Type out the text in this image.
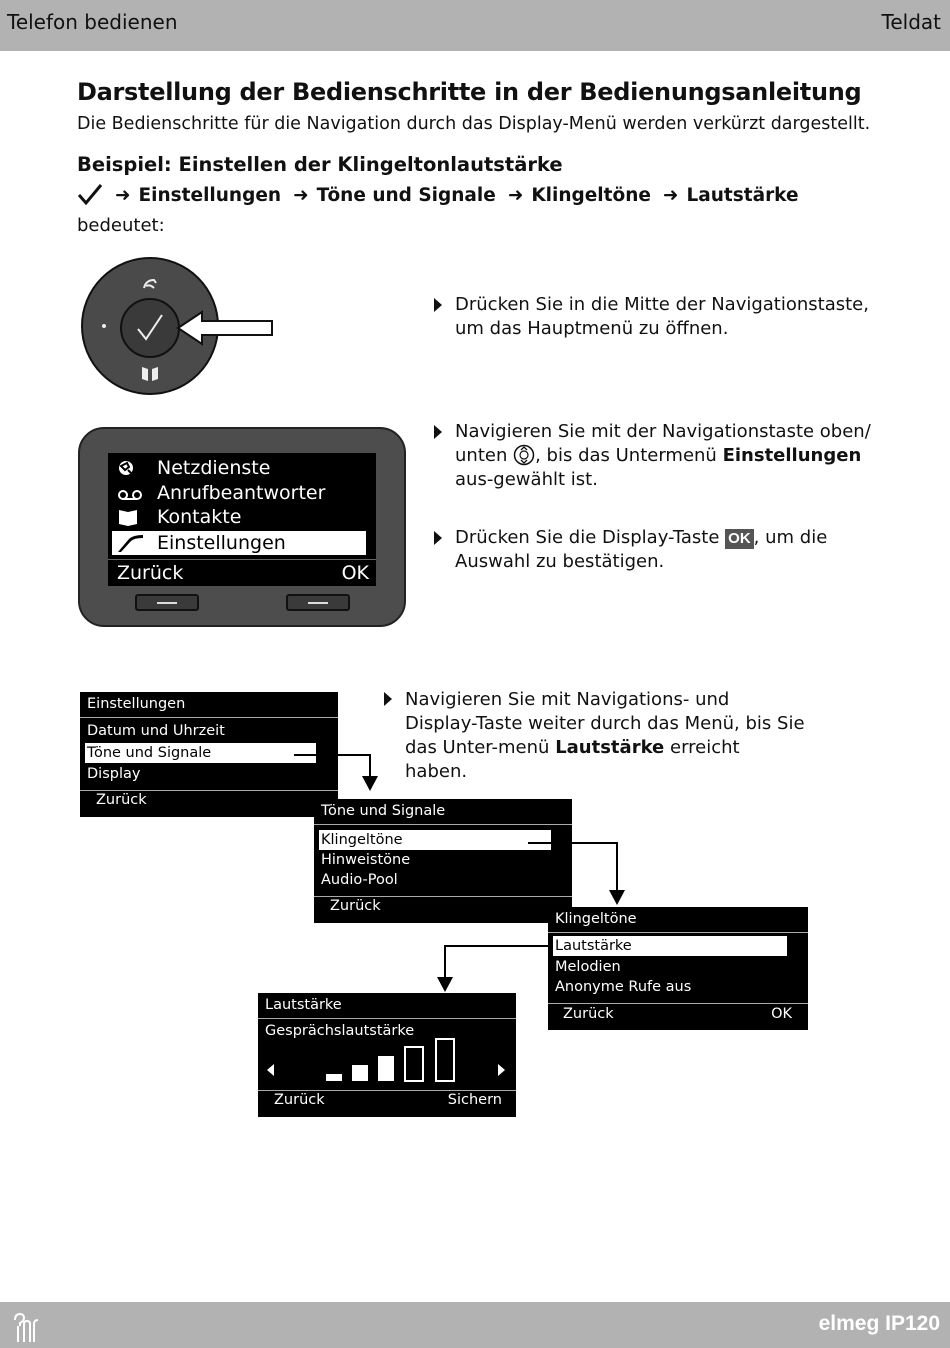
Telefon bedienen	Teldat
Darstellung der Bedienschritte in der Bedienungsanleitung
Die Bedienschritte für die Navigation durch das Display-Menü werden verkürzt dargestellt.
Beispiel: Einstellen der Klingeltonlautstärke
➜ Einstellungen ➜ Töne und Signale ➜ Klingeltöne ➜ Lautstärke
bedeutet:
Drücken Sie in die Mitte der Navigationstaste, um das Hauptmenü zu öffnen.
Netzdienste
Anrufbeantworter
Kontakte
Einstellungen
Zurück	OK
Navigieren Sie mit der Navigationstaste oben/ unten , bis das Untermenü Einstellungen aus-gewählt ist.
Drücken Sie die Display-Taste OK , um die Auswahl zu bestätigen.
Navigieren Sie mit Navigations- und Display-Taste weiter durch das Menü, bis Sie das Unter-menü Lautstärke erreicht haben.
Einstellungen
Datum und Uhrzeit
Töne und Signale
Display
Zurück
Töne und Signale
Klingeltöne
Hinweistöne
Audio-Pool
Zurück
Klingeltöne
Lautstärke
Melodien
Anonyme Rufe aus
Zurück	OK
Lautstärke
Gesprächslautstärke
Zurück	Sichern
elmeg IP120
